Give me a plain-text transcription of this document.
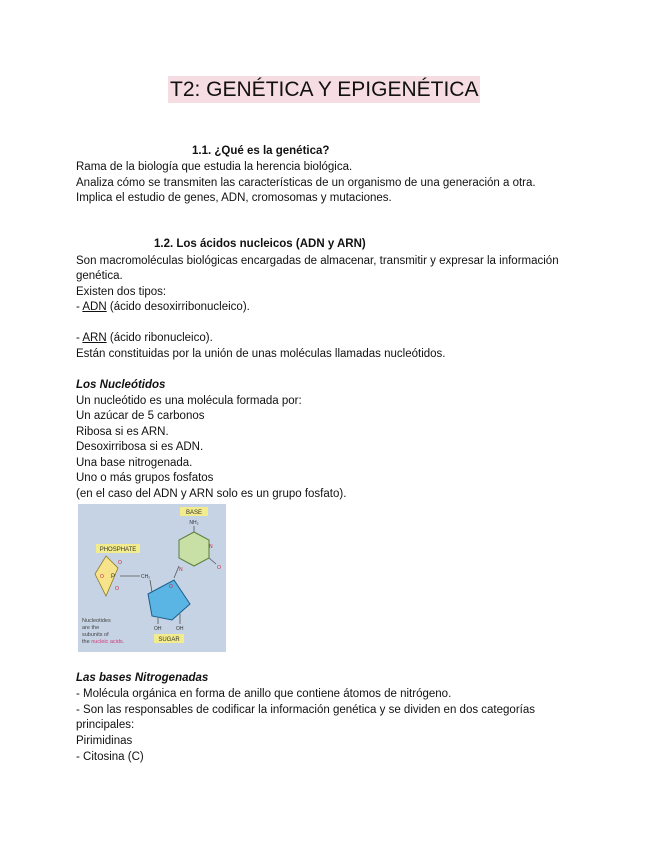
T2: GENÉTICA Y EPIGENÉTICA
1.1. ¿Qué es la genética?
Rama de la biología que estudia la herencia biológica.
Analiza cómo se transmiten las características de un organismo de una generación a otra.
Implica el estudio de genes, ADN, cromosomas y mutaciones.
1.2. Los ácidos nucleicos (ADN y ARN)
Son macromoléculas biológicas encargadas de almacenar, transmitir y expresar la información
genética.
Existen dos tipos:
- ADN (ácido desoxirribonucleico).
- ARN (ácido ribonucleico).
Están constituidas por la unión de unas moléculas llamadas nucleótidos.
Los Nucleótidos
Un nucleótido es una molécula formada por:
Un azúcar de 5 carbonos
Ribosa si es ARN.
Desoxirribosa si es ADN.
Una base nitrogenada.
Uno o más grupos fosfatos
(en el caso del ADN y ARN solo es un grupo fosfato).
BASE
NH₂
N
N	O
PHOSPHATE
P
O
O
O
CH₂
O
OH	OH
SUGAR
Nucleotides
are the
subunits of
the nucleic acids.
Las bases Nitrogenadas
- Molécula orgánica en forma de anillo que contiene átomos de nitrógeno.
- Son las responsables de codificar la información genética y se dividen en dos categorías
principales:
Pirimidinas
- Citosina (C)
